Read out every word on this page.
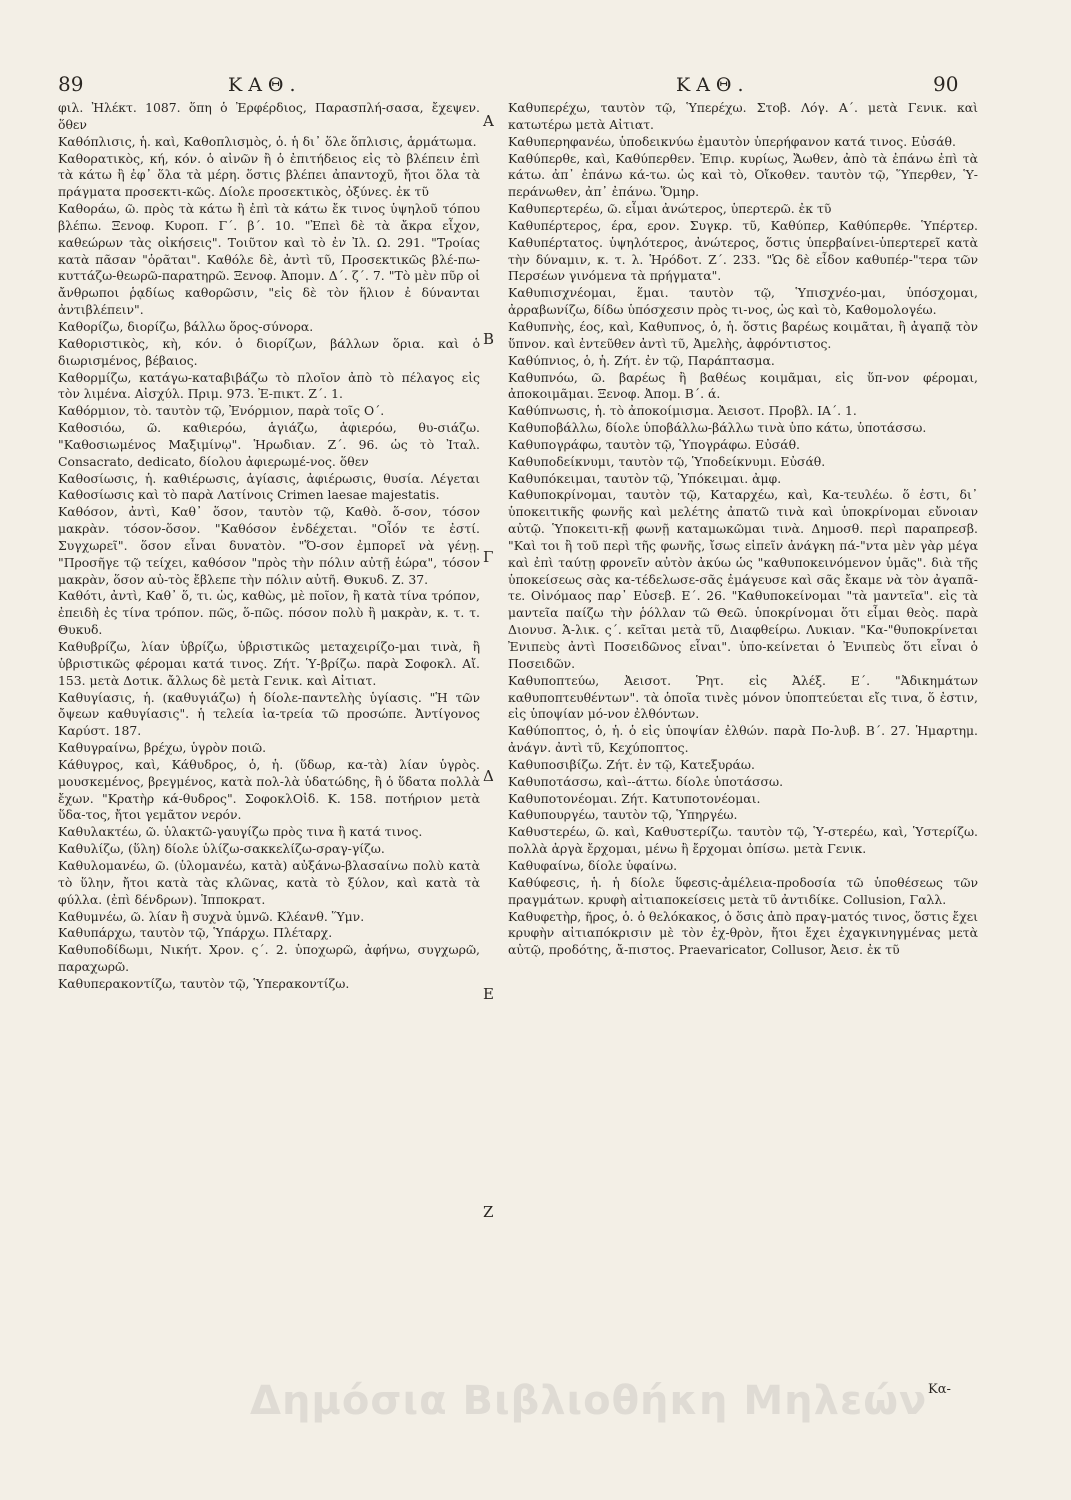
89	ΚΑΘ.	ΚΑΘ.	90

φιλ. Ἠλέκτ. 1087. ὅπη ὁ Ἐρφέρδιος, Παρασπλή-σασα, ἔχεψεν. ὅθεν

Καθόπλισις, ἡ. καὶ, Καθοπλισμὸς, ὁ. ἡ δι᾽ ὅλε ὅπλισις, ἁρμάτωμα.

Καθορατικὸς, κή, κόν. ὁ αἰνῶν ἢ ὁ ἐπιτήδειος εἰς τὸ βλέπειν ἐπὶ τὰ κάτω ἢ ἐφ᾽ ὅλα τὰ μέρη. ὅστις βλέπει ἀπαντοχῦ, ἤτοι ὅλα τὰ πράγματα προσεκτι-κῶς. Δίολε προσεκτικὸς, ὀξύνες. ἐκ τῦ

Καθοράω, ῶ. πρὸς τὰ κάτω ἢ ἐπὶ τὰ κάτω ἔκ τινος ὑψηλοῦ τόπου βλέπω. Ξενοφ. Κυροπ. Γ΄. β΄. 10. "Ἐπεὶ δὲ τὰ ἄκρα εἶχον, καθεώρων τὰς οἰκήσεις". Τοιῦτον καὶ τὸ ἐν Ἰλ. Ω. 291. "Τροίας κατὰ πᾶσαν "ὁρᾶται". Καθόλε δὲ, ἀντὶ τῦ, Προσεκτικῶς βλέ-πω-κυττάζω-θεωρῶ-παρατηρῶ. Ξενοφ. Ἀπομν. Δ΄. ζ΄. 7. "Τὸ μὲν πῦρ οἱ ἄνθρωποι ῥᾳδίως καθορῶσιν, "εἰς δὲ τὸν ἥλιον ἐ δύνανται ἀντιβλέπειν".

Καθορίζω, διορίζω, βάλλω ὅρος-σύνορα.

Καθοριστικὸς, κὴ, κόν. ὁ διορίζων, βάλλων ὅρια. καὶ ὁ διωρισμένος, βέβαιος.

Καθορμίζω, κατάγω-καταβιβάζω τὸ πλοῖον ἀπὸ τὸ πέλαγος εἰς τὸν λιμένα. Αἰσχύλ. Πριμ. 973. Ἐ-πικτ. Ζ΄. 1.

Καθόρμιον, τὸ. ταυτὸν τῷ, Ἐνόρμιον, παρὰ τοῖς Ο΄.

Καθοσιόω, ῶ. καθιερόω, ἁγιάζω, ἀφιερόω, θυ-σιάζω. "Καθοσιωμένος Μαξιμίνῳ". Ἡρωδιαν. Ζ΄. 96. ὡς τὸ Ἰταλ. Consacrato, dedicato, δίολου ἀφιερωμέ-νος. ὅθεν

Καθοσίωσις, ἡ. καθιέρωσις, ἁγίασις, ἀφιέρωσις, θυσία. Λέγεται Καθοσίωσις καὶ τὸ παρὰ Λατίνοις Crimen laesae majestatis.

Καθόσον, ἀντὶ, Καθ᾽ ὅσον, ταυτὸν τῷ, Καθὸ. ὅ-σον, τόσον μακρὰν. τόσον-ὅσον. "Καθόσον ἐνδέχεται. "Οἷόν τε ἐστί. Συγχωρεῖ". ὅσον εἶναι δυνατὸν. "Ὅ-σον ἐμπορεῖ νὰ γένῃ. "Προσῆγε τῷ τείχει, καθόσον "πρὸς τὴν πόλιν αὐτῇ ἑώρα", τόσον μακρὰν, ὅσον αὐ-τὸς ἔβλεπε τὴν πόλιν αὐτῆ. Θυκυδ. Ζ. 37.

Καθότι, ἀντὶ, Καθ᾽ ὅ, τι. ὡς, καθὼς, μὲ ποῖον, ἢ κατὰ τίνα τρόπον, ἐπειδὴ ἐς τίνα τρόπον. πῶς, ὅ-πῶς. πόσον πολὺ ἢ μακρὰν, κ. τ. τ. Θυκυδ.

Καθυβρίζω, λίαν ὑβρίζω, ὑβριστικῶς μεταχειρίζο-μαι τινὰ, ἢ ὑβριστικῶς φέρομαι κατά τινος. Ζήτ. Ὑ-βρίζω. παρὰ Σοφοκλ. Αἴ. 153. μετὰ Δοτικ. ἄλλως δὲ μετὰ Γενικ. καὶ Αἰτιατ.

Καθυγίασις, ἡ. (καθυγιάζω) ἡ δίολε-παντελὴς ὑγίασις. "Ἡ τῶν ὄψεων καθυγίασις". ἡ τελεία ἰα-τρεία τῶ προσώπε. Ἀντίγονος Καρύστ. 187.

Καθυγραίνω, βρέχω, ὑγρὸν ποιῶ.

Κάθυγρος, καὶ, Κάθυδρος, ὁ, ἡ. (ὕδωρ, κα-τὰ) λίαν ὑγρὸς. μουσκεμένος, βρεγμένος, κατὰ πολ-λὰ ὑδατώδης, ἢ ὁ ὕδατα πολλὰ ἔχων. "Κρατὴρ κά-θυδρος". ΣοφοκλΟἰδ. Κ. 158. ποτήριον μετὰ ὕδα-τος, ἤτοι γεμᾶτον νερόν.

Καθυλακτέω, ῶ. ὑλακτῶ-γαυγίζω πρὸς τινα ἢ κατά τινος.

Καθυλίζω, (ὕλη) δίολε ὑλίζω-σακκελίζω-σραγ-γίζω.

Καθυλομανέω, ῶ. (ὑλομανέω, κατὰ) αὐξάνω-βλασαίνω πολὺ κατὰ τὸ ὕλην, ἤτοι κατὰ τὰς κλῶνας, κατὰ τὸ ξύλον, καὶ κατὰ τὰ φύλλα. (ἐπὶ δένδρων). Ἱπποκρατ.

Καθυμνέω, ῶ. λίαν ἢ συχνὰ ὑμνῶ. Κλέανθ. Ὕμν.

Καθυπάρχω, ταυτὸν τῷ, Ὑπάρχω. Πλέταρχ.

Καθυποδίδωμι, Νικήτ. Χρον. ς΄. 2. ὑποχωρῶ, ἀφήνω, συγχωρῶ, παραχωρῶ.

Καθυπερακοντίζω, ταυτὸν τῷ, Ὑπερακοντίζω.

Καθυπερέχω, ταυτὸν τῷ, Ὑπερέχω. Στοβ. Λόγ. Α΄. μετὰ Γενικ. καὶ κατωτέρω μετὰ Αἰτιατ.

Καθυπερηφανέω, ὑποδεικνύω ἐμαυτὸν ὑπερήφανον κατά τινος. Εὐσάθ.

Καθύπερθε, καὶ, Καθύπερθεν. Ἐπιρ. κυρίως, Ἄωθεν, ἀπὸ τὰ ἐπάνω ἐπὶ τὰ κάτω. ἀπ᾽ ἐπάνω κά-τω. ὡς καὶ τὸ, Οἴκοθεν. ταυτὸν τῷ, Ὕπερθεν, Ὑ-περάνωθεν, ἀπ᾽ ἐπάνω. Ὅμηρ.

Καθυπερτερέω, ῶ. εἶμαι ἀνώτερος, ὑπερτερῶ. ἐκ τῦ

Καθυπέρτερος, έρα, ερον. Συγκρ. τῦ, Καθύπερ, Καθύπερθε. Ὑπέρτερ. Καθυπέρτατος. ὑψηλότερος, ἀνώτερος, ὅστις ὑπερβαίνει-ὑπερτερεῖ κατὰ τὴν δύναμιν, κ. τ. λ. Ἡρόδοτ. Ζ΄. 233. "Ὡς δὲ εἶδον καθυπέρ-"τερα τῶν Περσέων γινόμενα τὰ πρήγματα".

Καθυπισχνέομαι, ἕμαι. ταυτὸν τῷ, Ὑπισχνέο-μαι, ὑπόσχομαι, ἀρραβωνίζω, δίδω ὑπόσχεσιν πρὸς τι-νος, ὡς καὶ τὸ, Καθομολογέω.

Καθυπνὴς, έος, καὶ, Καθυπνος, ὁ, ἡ. ὅστις βαρέως κοιμᾶται, ἢ ἀγαπᾷ τὸν ὕπνον. καὶ ἐντεῦθεν ἀντὶ τῦ, Ἀμελὴς, ἀφρόντιστος.

Καθύπνιος, ὁ, ἡ. Ζήτ. ἐν τῷ, Παράπτασμα.

Καθυπνόω, ῶ. βαρέως ἢ βαθέως κοιμᾶμαι, εἰς ὕπ-νον φέρομαι, ἀποκοιμᾶμαι. Ξενοφ. Ἀπομ. Β΄. ά.

Καθύπνωσις, ἡ. τὸ ἀποκοίμισμα. Ἀεισοτ. Προβλ. ΙΑ΄. 1.

Καθυποβάλλω, δίολε ὑποβάλλω-βάλλω τινὰ ὑπο κάτω, ὑποτάσσω.

Καθυπογράφω, ταυτὸν τῷ, Ὑπογράφω. Εὐσάθ.

Καθυποδείκνυμι, ταυτὸν τῷ, Ὑποδείκνυμι. Εὐσάθ.

Καθυπόκειμαι, ταυτὸν τῷ, Ὑπόκειμαι. ἀμφ.

Καθυποκρίνομαι, ταυτὸν τῷ, Καταρχέω, καὶ, Κα-τευλέω. ὅ ἐστι, δι᾽ ὑποκειτικῆς φωνῆς καὶ μελέτης ἀπατῶ τινὰ καὶ ὑποκρίνομαι εὔνοιαν αὐτῷ. Ὑποκειτι-κῇ φωνῇ καταμωκῶμαι τινὰ. Δημοσθ. περὶ παραπρεσβ. "Καὶ τοι ἢ τοῦ περὶ τῆς φωνῆς, ἴσως εἰπεῖν ἀνάγκη πά-"ντα μὲν γὰρ μέγα καὶ ἐπὶ ταύτῃ φρονεῖν αὐτὸν ἀκύω ὡς "καθυποκεινόμενον ὑμᾶς". διὰ τῆς ὑποκείσεως σὰς κα-τέδελωσε-σᾶς ἐμάγευσε καὶ σᾶς ἔκαμε νὰ τὸν ἀγαπᾶ-τε. Οἰνόμαος παρ᾽ Εὐσεβ. Ε΄. 26. "Καθυποκείνομαι "τὰ μαντεῖα". εἰς τὰ μαντεῖα παίζω τὴν ῥόλλαν τῶ Θεῶ. ὑποκρίνομαι ὅτι εἶμαι θεὸς. παρὰ Διονυσ. Ἁ-λικ. ς΄. κεῖται μετὰ τῦ, Διαφθείρω. Λυκιαν. "Κα-"θυποκρίνεται Ἐνιπεὺς ἀντὶ Ποσειδῶνος εἶναι". ὑπο-κείνεται ὁ Ἐνιπεὺς ὅτι εἶναι ὁ Ποσειδῶν.

Καθυποπτεύω, Ἀεισοτ. Ῥητ. εἰς Ἀλέξ. Ε΄. "Ἀδικημάτων καθυποπτευθέντων". τὰ ὁποῖα τινὲς μόνον ὑποπτεύεται εἴς τινα, ὅ ἐστιν, εἰς ὑποψίαν μό-νον ἐλθόντων.

Καθύποπτος, ὁ, ἡ. ὁ εἰς ὑποψίαν ἐλθών. παρὰ Πο-λυβ. Β΄. 27. Ἡμαρτημ. ἀνάγν. ἀντὶ τῦ, Κεχύποπτος.

Καθυποσιβίζω. Ζήτ. ἐν τῷ, Κατεξυράω.

Καθυποτάσσω, καὶ--άττω. δίολε ὑποτάσσω.

Καθυποτονέομαι. Ζήτ. Κατυποτονέομαι.

Καθυπουργέω, ταυτὸν τῷ, Ὑπηργέω.

Καθυστερέω, ῶ. καὶ, Καθυστερίζω. ταυτὸν τῷ, Ὑ-στερέω, καὶ, Ὑστερίζω. πολλὰ ἀργὰ ἔρχομαι, μένω ἢ ἔρχομαι ὀπίσω. μετὰ Γενικ.

Καθυφαίνω, δίολε ὑφαίνω.

Καθύφεσις, ἡ. ἡ δίολε ὕφεσις-ἀμέλεια-προδοσία τῶ ὑποθέσεως τῶν πραγμάτων. κρυφὴ αἰτιαποκείσεις μετὰ τῦ ἀντιδίκε. Collusion, Γαλλ.

Καθυφετὴρ, ῆρος, ὁ. ὁ θελόκακος, ὁ ὅσις ἀπὸ πραγ-ματός τινος, ὅστις ἔχει κρυφὴν αἰτιαπόκρισιν μὲ τὸν ἐχ-θρὸν, ἤτοι ἔχει ἐχαγκινηγμένας μετὰ αὐτῷ, προδότης, ἄ-πιστος. Praevaricator, Collusor, Ἀεισ. ἐκ τῦ

Α
Β
Γ
Δ
Ε
Ζ
Κα-
Δημόσια Βιβλιοθήκη Μηλεών
